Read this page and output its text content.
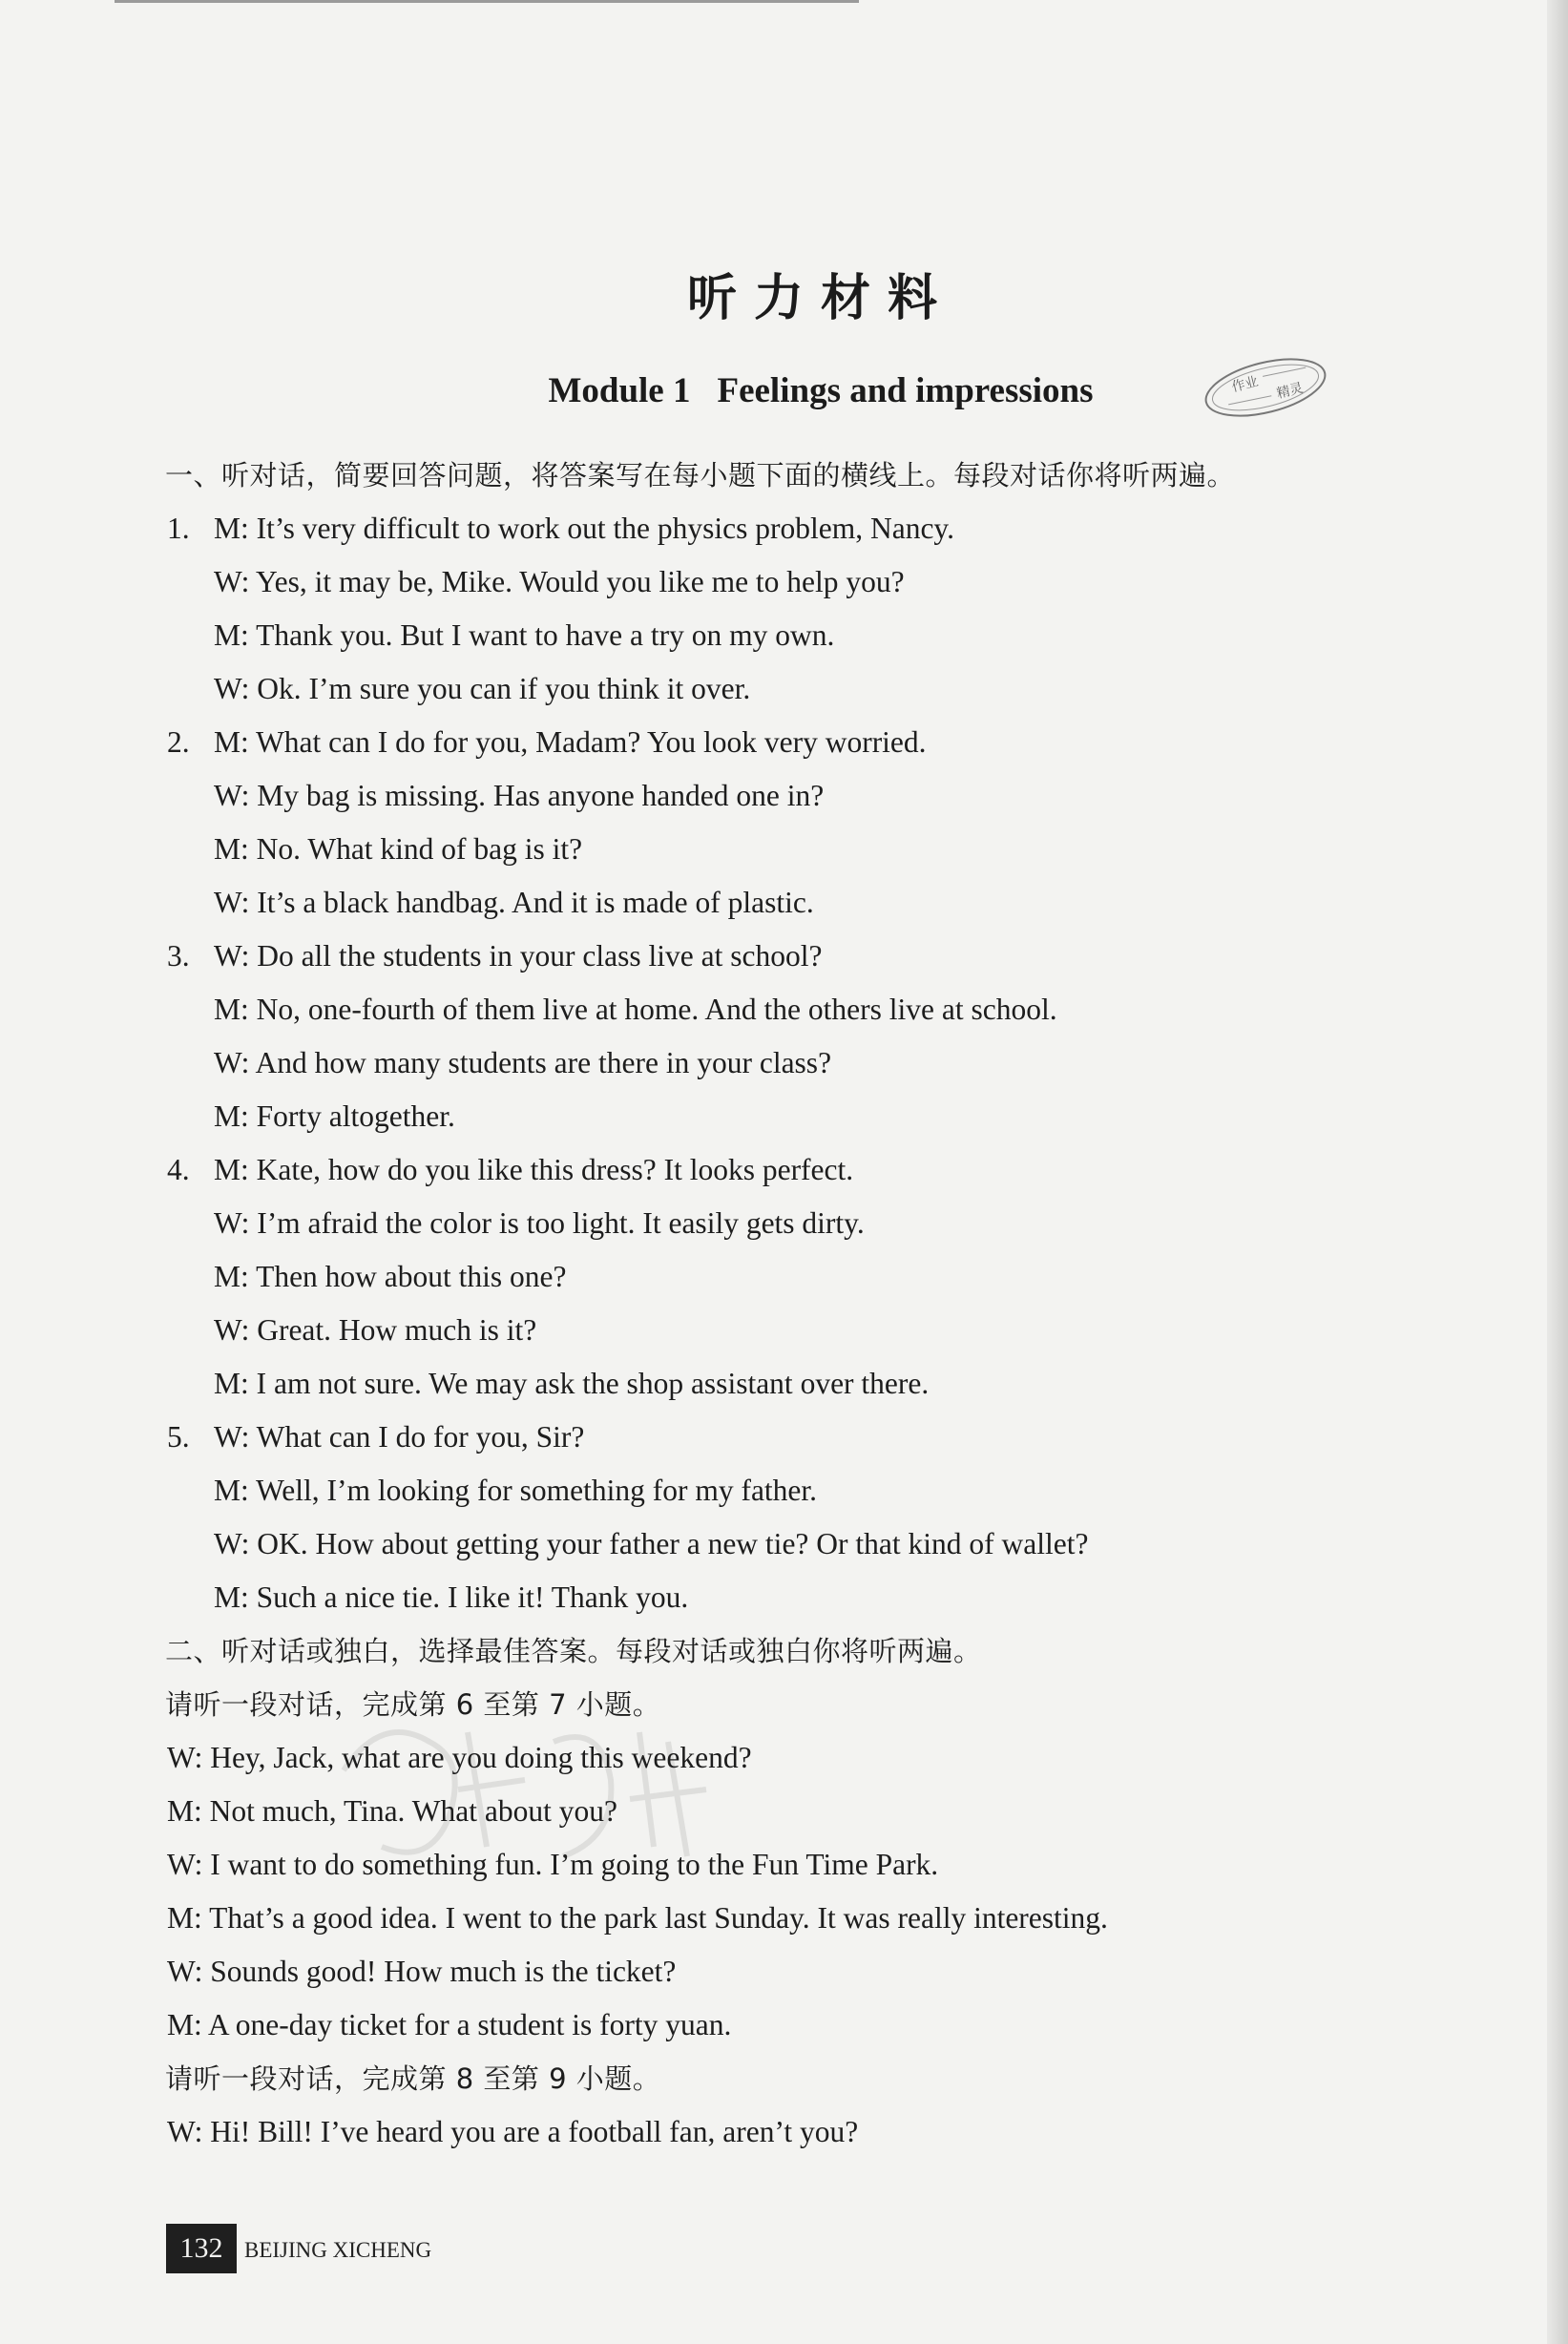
听力材料
Module 1 Feelings and impressions	作业 精灵
一、听对话，简要回答问题，将答案写在每小题下面的横线上。每段对话你将听两遍。
1. M: It’s very difficult to work out the physics problem, Nancy.
W: Yes, it may be, Mike. Would you like me to help you?
M: Thank you. But I want to have a try on my own.
W: Ok. I’m sure you can if you think it over.
2. M: What can I do for you, Madam? You look very worried.
W: My bag is missing. Has anyone handed one in?
M: No. What kind of bag is it?
W: It’s a black handbag. And it is made of plastic.
3. W: Do all the students in your class live at school?
M: No, one-fourth of them live at home. And the others live at school.
W: And how many students are there in your class?
M: Forty altogether.
4. M: Kate, how do you like this dress? It looks perfect.
W: I’m afraid the color is too light. It easily gets dirty.
M: Then how about this one?
W: Great. How much is it?
M: I am not sure. We may ask the shop assistant over there.
5. W: What can I do for you, Sir?
M: Well, I’m looking for something for my father.
W: OK. How about getting your father a new tie? Or that kind of wallet?
M: Such a nice tie. I like it! Thank you.
二、听对话或独白，选择最佳答案。每段对话或独白你将听两遍。
请听一段对话，完成第 6 至第 7 小题。
W: Hey, Jack, what are you doing this weekend?
M: Not much, Tina. What about you?
W: I want to do something fun. I’m going to the Fun Time Park.
M: That’s a good idea. I went to the park last Sunday. It was really interesting.
W: Sounds good! How much is the ticket?
M: A one-day ticket for a student is forty yuan.
请听一段对话，完成第 8 至第 9 小题。
W: Hi! Bill! I’ve heard you are a football fan, aren’t you?
132 BEIJING XICHENG
